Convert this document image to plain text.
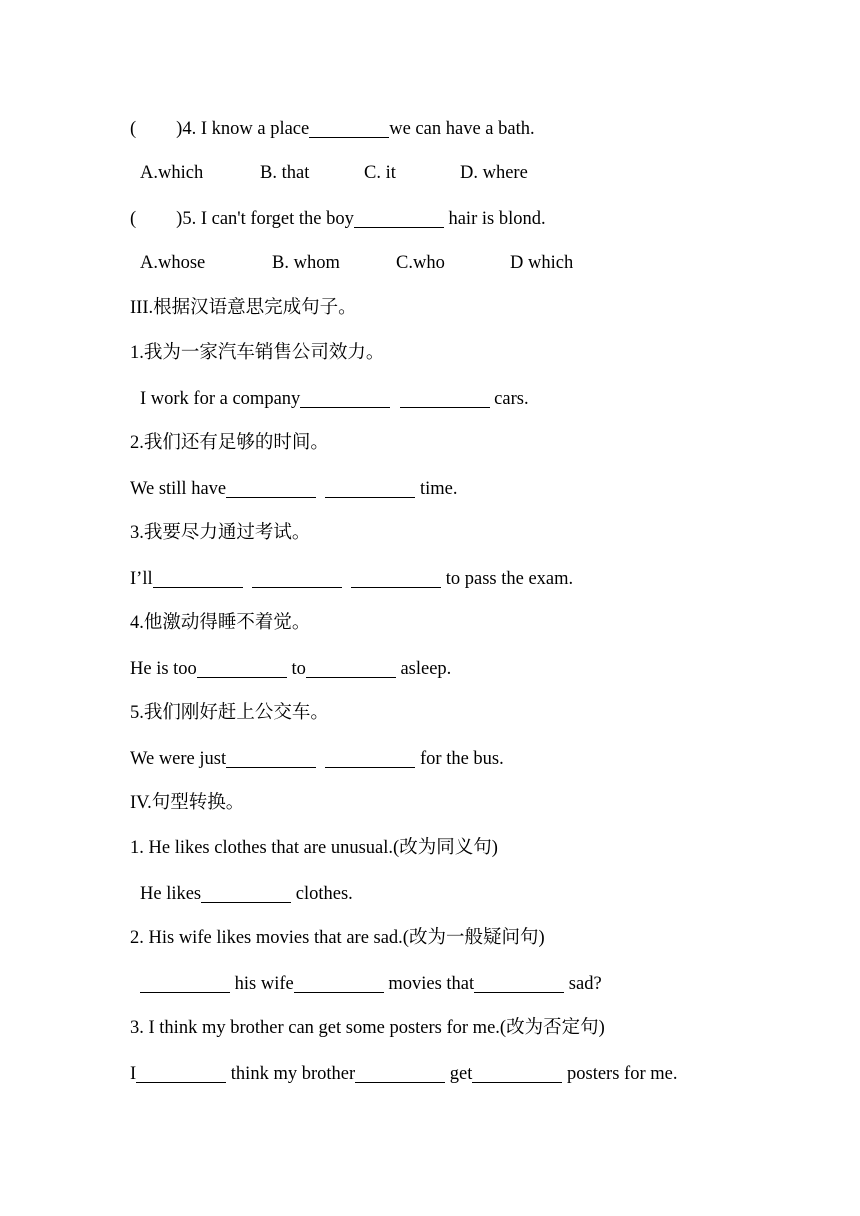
( )4. I know a place	we can have a bath.
A.which	B. that	C. it	D. where
( )5. I can't forget the boy	hair is blond.
A.whose	B. whom	C.who	D which
III.根据汉语意思完成句子。
1.我为一家汽车销售公司效力。
I work for a company	cars.
2.我们还有足够的时间。
We still have	time.
3.我要尽力通过考试。
I’ll	to pass the exam.
4.他激动得睡不着觉。
He is too	to	asleep.
5.我们刚好赶上公交车。
We were just	for the bus.
IV.句型转换。
1. He likes clothes that are unusual.(改为同义句)
He likes	clothes.
2. His wife likes movies that are sad.(改为一般疑问句)
his wife	movies that	sad?
3. I think my brother can get some posters for me.(改为否定句)
I	think my brother	get	posters for me.
